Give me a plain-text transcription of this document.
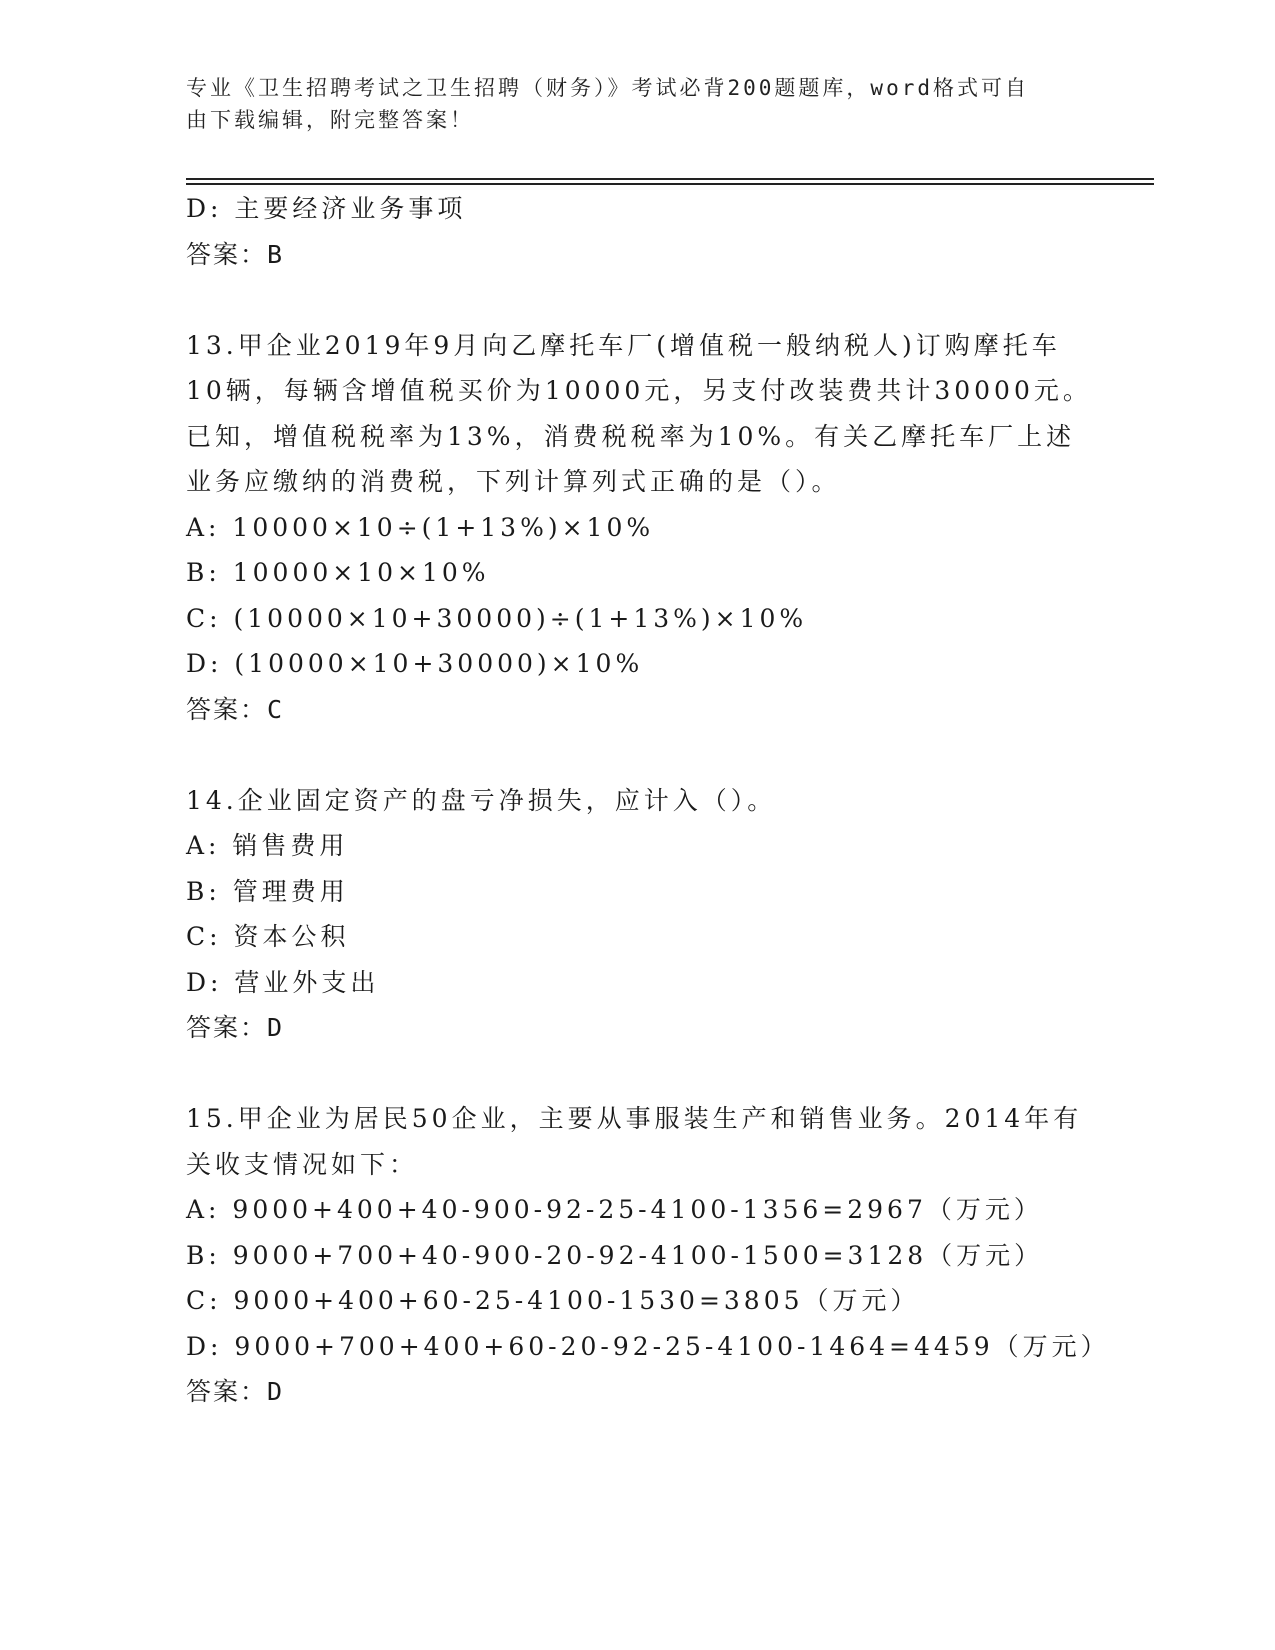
专业《卫生招聘考试之卫生招聘（财务）》考试必背200题题库，word格式可自
由下载编辑，附完整答案！
D: 主要经济业务事项
答案：B
13.甲企业2019年9月向乙摩托车厂(增值税一般纳税人)订购摩托车
10辆，每辆含增值税买价为10000元，另支付改装费共计30000元。
已知，增值税税率为13%，消费税税率为10%。有关乙摩托车厂上述
业务应缴纳的消费税，下列计算列式正确的是（）。
A: 10000×10÷(1+13%)×10%
B: 10000×10×10%
C: (10000×10+30000)÷(1+13%)×10%
D: (10000×10+30000)×10%
答案：C
14.企业固定资产的盘亏净损失，应计入（）。
A: 销售费用
B: 管理费用
C: 资本公积
D: 营业外支出
答案：D
15.甲企业为居民50企业，主要从事服装生产和销售业务。2014年有
关收支情况如下：
A: 9000+400+40-900-92-25-4100-1356=2967（万元）
B: 9000+700+40-900-20-92-4100-1500=3128（万元）
C: 9000+400+60-25-4100-1530=3805（万元）
D: 9000+700+400+60-20-92-25-4100-1464=4459（万元）
答案：D
